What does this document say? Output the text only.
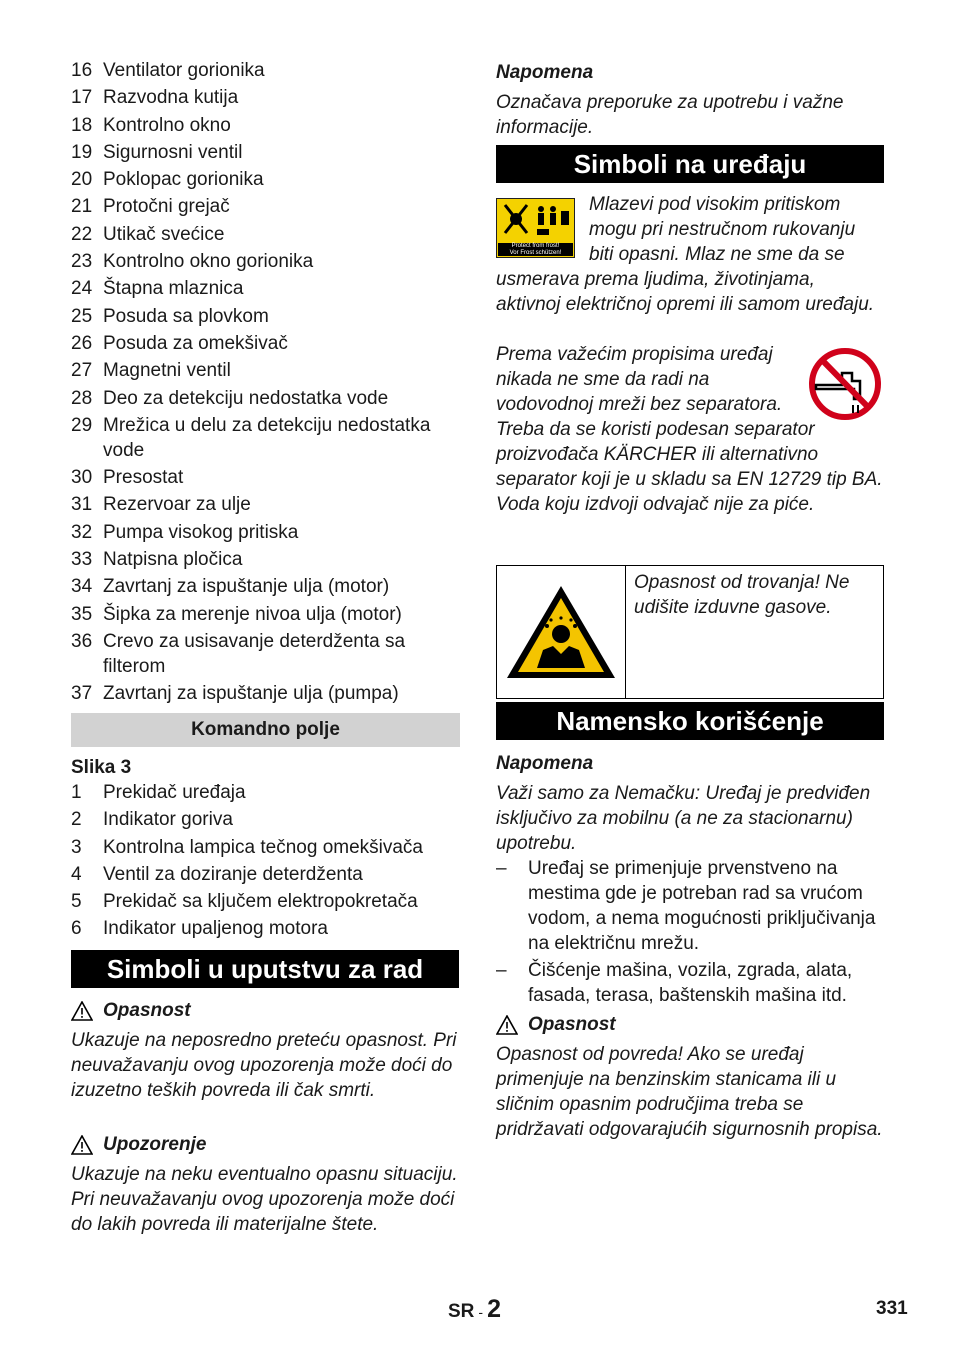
16 Ventilator gorionika
17 Razvodna kutija
18 Kontrolno okno
19 Sigurnosni ventil
20 Poklopac gorionika
21 Protočni grejač
22 Utikač svećice
23 Kontrolno okno gorionika
24 Štapna mlaznica
25 Posuda sa plovkom
26 Posuda za omekšivač
27 Magnetni ventil
28 Deo za detekciju nedostatka vode
29 Mrežica u delu za detekciju nedostatka vode
30 Presostat
31 Rezervoar za ulje
32 Pumpa visokog pritiska
33 Natpisna pločica
34 Zavrtanj za ispuštanje ulja (motor)
35 Šipka za merenje nivoa ulja (motor)
36 Crevo za usisavanje deterdženta sa filterom
37 Zavrtanj za ispuštanje ulja (pumpa)
Komandno polje
Slika 3
1 Prekidač uređaja
2 Indikator goriva
3 Kontrolna lampica tečnog omekšivača
4 Ventil za doziranje deterdženta
5 Prekidač sa ključem elektropokretača
6 Indikator upaljenog motora
Simboli u uputstvu za rad
Opasnost

Ukazuje na neposredno preteću opasnost. Pri neuvažavanju ovog upozorenja može doći do izuzetno teških povreda ili čak smrti.

Upozorenje

Ukazuje na neku eventualno opasnu situaciju. Pri neuvažavanju ovog upozorenja može doći do lakih povreda ili materijalne štete.

Napomena

Označava preporuke za upotrebu i važne informacije.

Simboli na uređaju
Protect from frost!
Vor Frost schützen!

Mlazevi pod visokim pritiskom mogu pri nestručnom rukovanju biti opasni. Mlaz ne sme da se

usmerava prema ljudima, životinjama, aktivnoj električnoj opremi ili samom uređaju.

Prema važećim propisima uređaj nikada ne sme da radi na vodovodnoj mreži bez separatora.

Treba da se koristi podesan separator proizvođača KÄRCHER ili alternativno separator koji je u skladu sa EN 12729 tip BA. Voda koju izdvoji odvajač nije za piće.

Opasnost od trovanja! Ne udišite izduvne gasove.
Namensko korišćenje
Napomena

Važi samo za Nemačku: Uređaj je predviđen isključivo za mobilnu (a ne za stacionarnu) upotrebu.

– Uređaj se primenjuje prvenstveno na mestima gde je potreban rad sa vrućom vodom, a nema mogućnosti priključivanja na električnu mrežu.
– Čišćenje mašina, vozila, zgrada, alata, fasada, terasa, baštenskih mašina itd.
Opasnost

Opasnost od povreda! Ako se uređaj primenjuje na benzinskim stanicama ili u sličnim opasnim područjima treba se pridržavati odgovarajućih sigurnosnih propisa.

SR - 2	331
